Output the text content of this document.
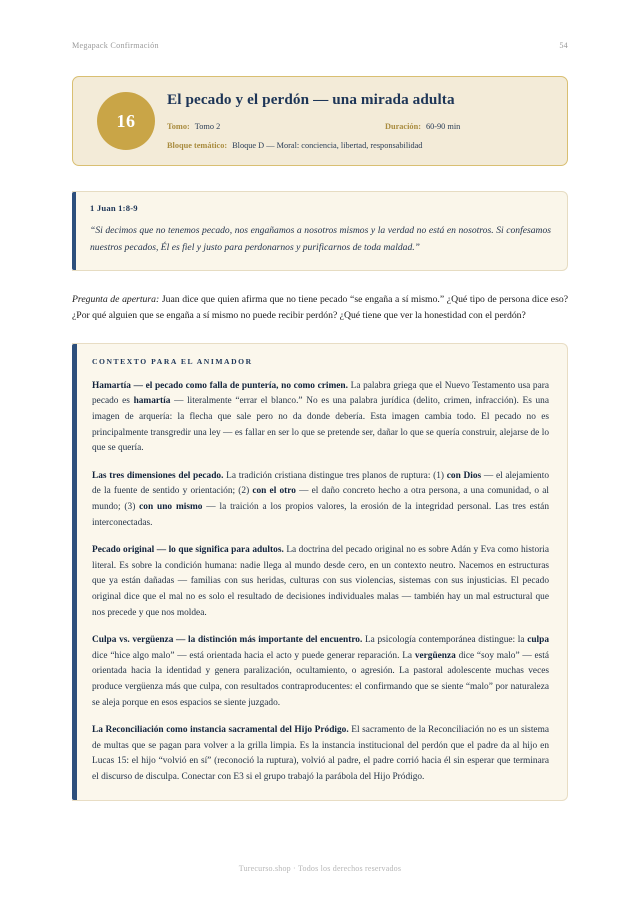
Megapack Confirmación	54
16
El pecado y el perdón — una mirada adulta
Tomo: Tomo 2	Duración: 60-90 min
Bloque temático: Bloque D — Moral: conciencia, libertad, responsabilidad
1 Juan 1:8-9
“Si decimos que no tenemos pecado, nos engañamos a nosotros mismos y la verdad no está en nosotros. Si confesamos nuestros pecados, Él es fiel y justo para perdonarnos y purificarnos de toda maldad.”

Pregunta de apertura: Juan dice que quien afirma que no tiene pecado “se engaña a sí mismo.” ¿Qué tipo de persona dice eso? ¿Por qué alguien que se engaña a sí mismo no puede recibir perdón? ¿Qué tiene que ver la honestidad con el perdón?

CONTEXTO PARA EL ANIMADOR

Hamartía — el pecado como falla de puntería, no como crimen. La palabra griega que el Nuevo Testamento usa para pecado es hamartía — literalmente “errar el blanco.” No es una palabra jurídica (delito, crimen, infracción). Es una imagen de arquería: la flecha que sale pero no da donde debería. Esta imagen cambia todo. El pecado no es principalmente transgredir una ley — es fallar en ser lo que se pretende ser, dañar lo que se quería construir, alejarse de lo que se quería.

Las tres dimensiones del pecado. La tradición cristiana distingue tres planos de ruptura: (1) con Dios — el alejamiento de la fuente de sentido y orientación; (2) con el otro — el daño concreto hecho a otra persona, a una comunidad, o al mundo; (3) con uno mismo — la traición a los propios valores, la erosión de la integridad personal. Las tres están interconectadas.

Pecado original — lo que significa para adultos. La doctrina del pecado original no es sobre Adán y Eva como historia literal. Es sobre la condición humana: nadie llega al mundo desde cero, en un contexto neutro. Nacemos en estructuras que ya están dañadas — familias con sus heridas, culturas con sus violencias, sistemas con sus injusticias. El pecado original dice que el mal no es solo el resultado de decisiones individuales malas — también hay un mal estructural que nos precede y que nos moldea.

Culpa vs. vergüenza — la distinción más importante del encuentro. La psicología contemporánea distingue: la culpa dice “hice algo malo” — está orientada hacia el acto y puede generar reparación. La vergüenza dice “soy malo” — está orientada hacia la identidad y genera paralización, ocultamiento, o agresión. La pastoral adolescente muchas veces produce vergüenza más que culpa, con resultados contraproducentes: el confirmando que se siente “malo” por naturaleza se aleja porque en esos espacios se siente juzgado.

La Reconciliación como instancia sacramental del Hijo Pródigo. El sacramento de la Reconciliación no es un sistema de multas que se pagan para volver a la grilla limpia. Es la instancia institucional del perdón que el padre da al hijo en Lucas 15: el hijo “volvió en sí” (reconoció la ruptura), volvió al padre, el padre corrió hacia él sin esperar que terminara el discurso de disculpa. Conectar con E3 si el grupo trabajó la parábola del Hijo Pródigo.

Turecurso.shop · Todos los derechos reservados
